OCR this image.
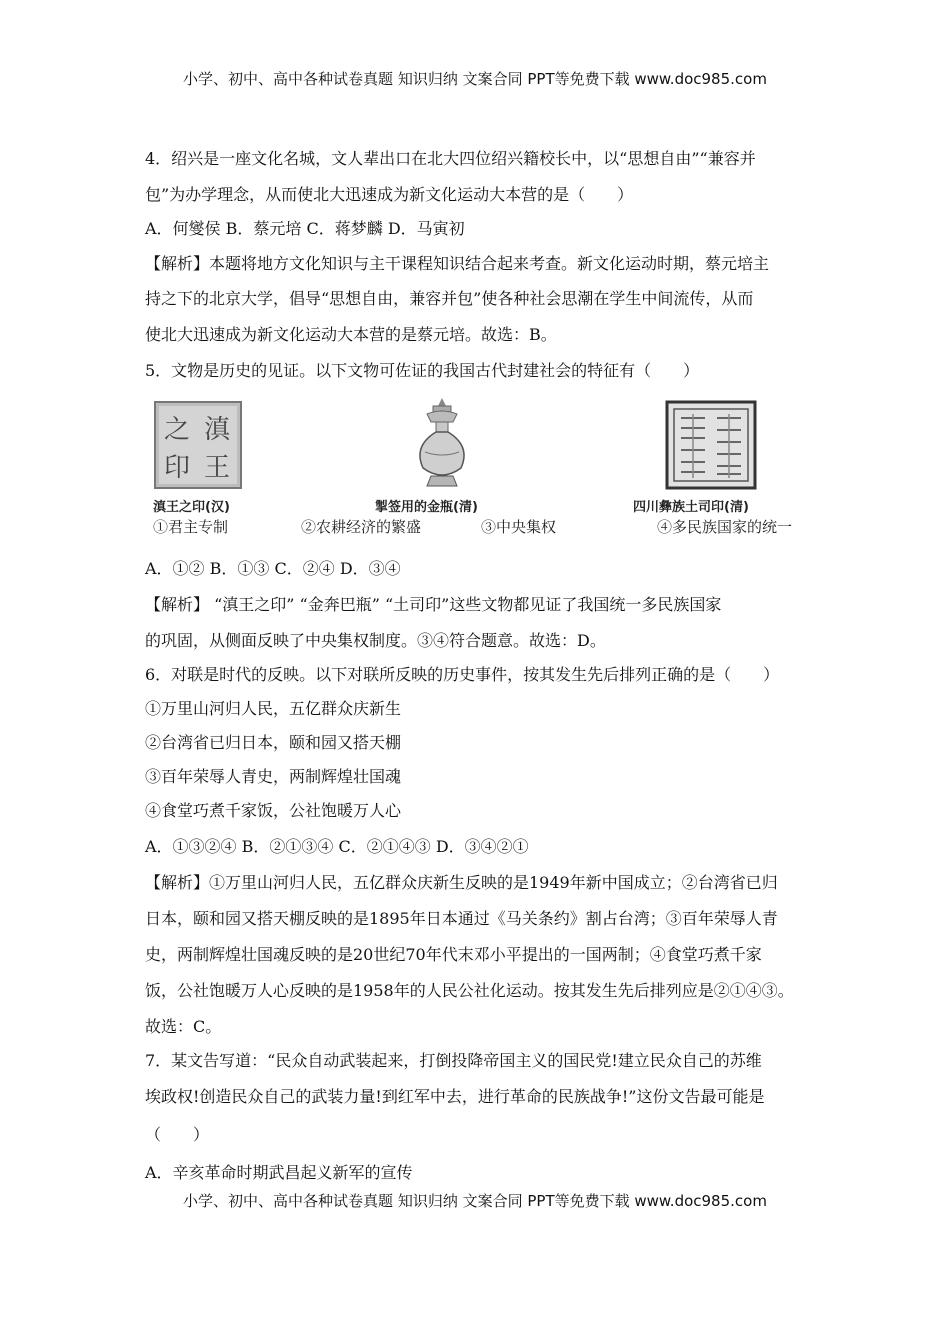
小学、初中、高中各种试卷真题 知识归纳 文案合同 PPT等免费下载 www.doc985.com
4．绍兴是一座文化名城，文人辈出口在北大四位绍兴籍校长中，以“思想自由”“兼容并
包”为办学理念，从而使北大迅速成为新文化运动大本营的是（　　）
A．何燮侯 B．蔡元培 C．蒋梦麟 D．马寅初
【解析】本题将地方文化知识与主干课程知识结合起来考查。新文化运动时期，蔡元培主
持之下的北京大学，倡导“思想自由，兼容并包”使各种社会思潮在学生中间流传，从而
使北大迅速成为新文化运动大本营的是蔡元培。故选：B。
5．文物是历史的见证。以下文物可佐证的我国古代封建社会的特征有（　　）
之 滇
印 王
滇王之印(汉)	掣签用的金瓶(清)	四川彝族土司印(清)
①君主专制	②农耕经济的繁盛	③中央集权	④多民族国家的统一
A．①② B．①③ C．②④ D．③④
【解析】 “滇王之印” “金奔巴瓶” “土司印”这些文物都见证了我国统一多民族国家
的巩固，从侧面反映了中央集权制度。③④符合题意。故选：D。
6．对联是时代的反映。以下对联所反映的历史事件，按其发生先后排列正确的是（　　）
①万里山河归人民，五亿群众庆新生
②台湾省已归日本，颐和园又搭天棚
③百年荣辱人青史，两制辉煌壮国魂
④食堂巧煮千家饭，公社饱暖万人心
A．①③②④ B．②①③④ C．②①④③ D．③④②①
【解析】①万里山河归人民，五亿群众庆新生反映的是1949年新中国成立；②台湾省已归
日本，颐和园又搭天棚反映的是1895年日本通过《马关条约》割占台湾；③百年荣辱人青
史，两制辉煌壮国魂反映的是20世纪70年代末邓小平提出的一国两制；④食堂巧煮千家
饭，公社饱暖万人心反映的是1958年的人民公社化运动。按其发生先后排列应是②①④③。
故选：C。
7．某文告写道：“民众自动武装起来，打倒投降帝国主义的国民党!建立民众自己的苏维
埃政权!创造民众自己的武装力量!到红军中去，进行革命的民族战争!”这份文告最可能是
（　　）
A．辛亥革命时期武昌起义新军的宣传
小学、初中、高中各种试卷真题 知识归纳 文案合同 PPT等免费下载 www.doc985.com
